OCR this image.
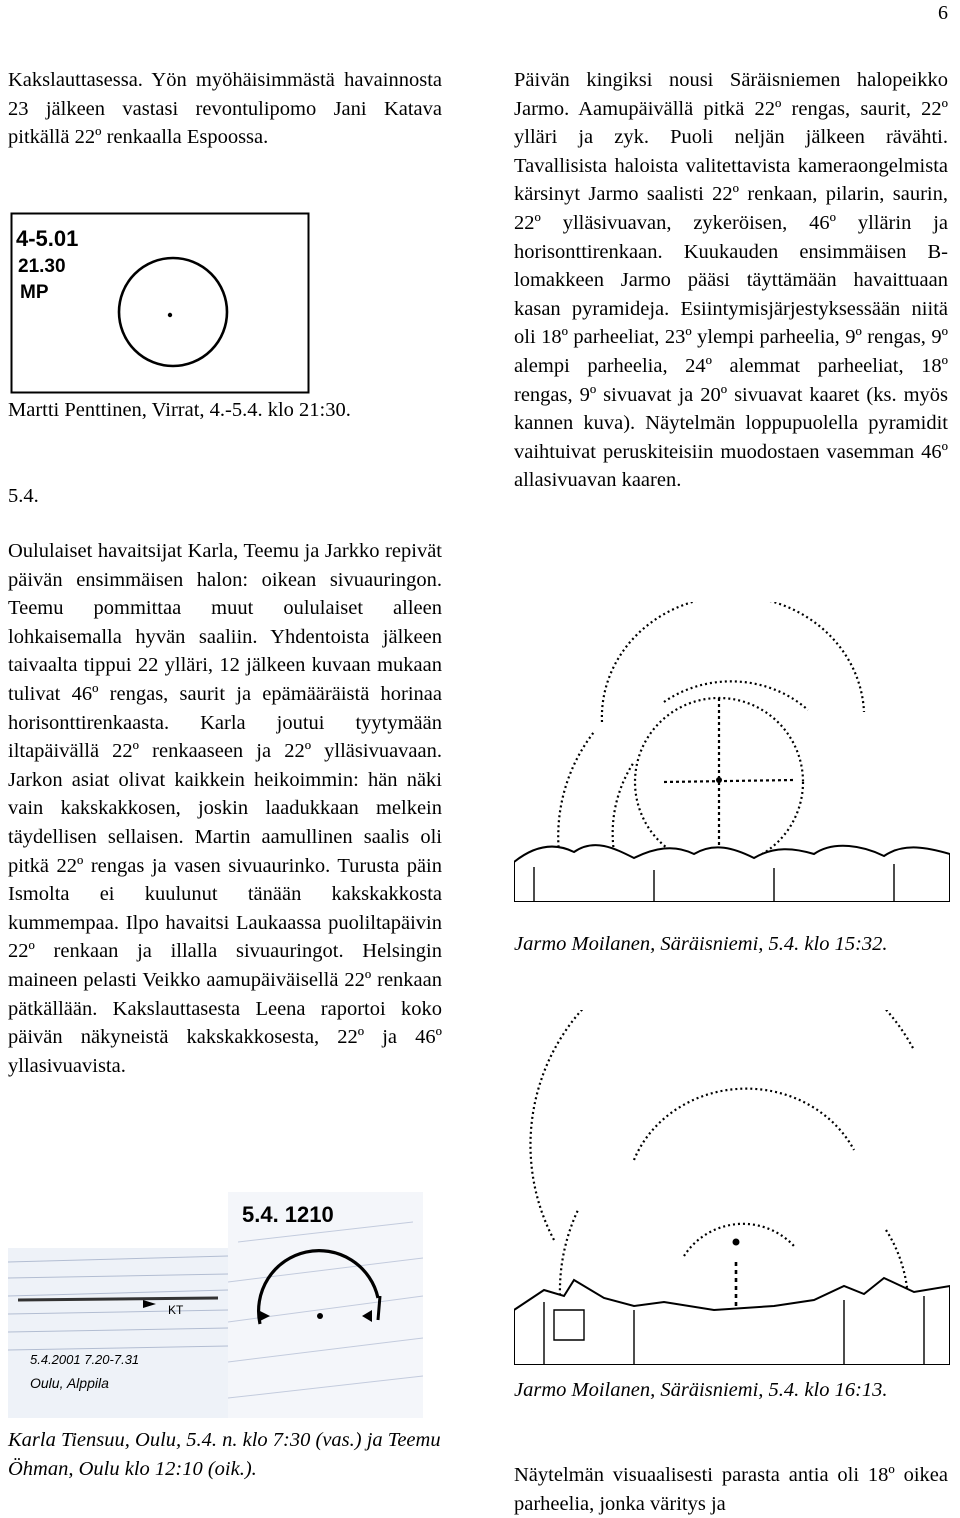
6

Kakslauttasessa. Yön myöhäisimmästä havainnosta 23 jälkeen vastasi revontulipomo Jani Katava pitkällä 22º renkaalla Espoossa.

4-5.01
21.30
MP

Martti Penttinen, Virrat, 4.-5.4. klo 21:30.

5.4.

Oululaiset havaitsijat Karla, Teemu ja Jarkko repivät päivän ensimmäisen halon: oikean sivuauringon. Teemu pommittaa muut oululaiset alleen lohkaisemalla hyvän saaliin. Yhdentoista jälkeen taivaalta tippui 22 ylläri, 12 jälkeen kuvaan mukaan tulivat 46º rengas, saurit ja epämääräistä horinaa horisonttirenkaasta. Karla joutui tyytymään iltapäivällä 22º renkaaseen ja 22º ylläsivuavaan. Jarkon asiat olivat kaikkein heikoimmin: hän näki vain kakskakkosen, joskin laadukkaan melkein täydellisen sellaisen. Martin aamullinen saalis oli pitkä 22º rengas ja vasen sivuaurinko. Turusta päin Ismolta ei kuulunut tänään kakskakkosta kummempaa. Ilpo havaitsi Laukaassa puoliltapäivin 22º renkaan ja illalla sivuauringot. Helsingin maineen pelasti Veikko aamupäiväisellä 22º renkaan pätkällään. Kakslauttasesta Leena raportoi koko päivän näkyneistä kakskakkosesta, 22º ja 46º yllasivuavista.

KT
5.4.2001 7.20-7.31
Oulu, Alppila
5.4. 1210

Karla Tiensuu, Oulu, 5.4. n. klo 7:30 (vas.) ja Teemu Öhman, Oulu klo 12:10 (oik.).

Päivän kingiksi nousi Säräisniemen halopeikko Jarmo. Aamupäivällä pitkä 22º rengas, saurit, 22º ylläri ja zyk. Puoli neljän jälkeen rävähti. Tavallisista haloista valitettavista kameraongelmista kärsinyt Jarmo saalisti 22º renkaan, pilarin, saurin, 22º ylläsivuavan, zykeröisen, 46º yllärin ja horisonttirenkaan. Kuukauden ensimmäisen B-lomakkeen Jarmo pääsi täyttämään havaittuaan kasan pyramideja. Esiintymisjärjestyksessään niitä oli 18º parheeliat, 23º ylempi parheelia, 9º rengas, 9º alempi parheelia, 24º alemmat parheeliat, 18º rengas, 9º sivuavat ja 20º sivuavat kaaret (ks. myös kannen kuva). Näytelmän loppupuolella pyramidit vaihtuivat peruskiteisiin muodostaen vasemman 46º allasivuavan kaaren.

Jarmo Moilanen, Säräisniemi, 5.4. klo 15:32.

Jarmo Moilanen, Säräisniemi, 5.4. klo 16:13.

Näytelmän visuaalisesti parasta antia oli 18º oikea parheelia, jonka väritys ja
